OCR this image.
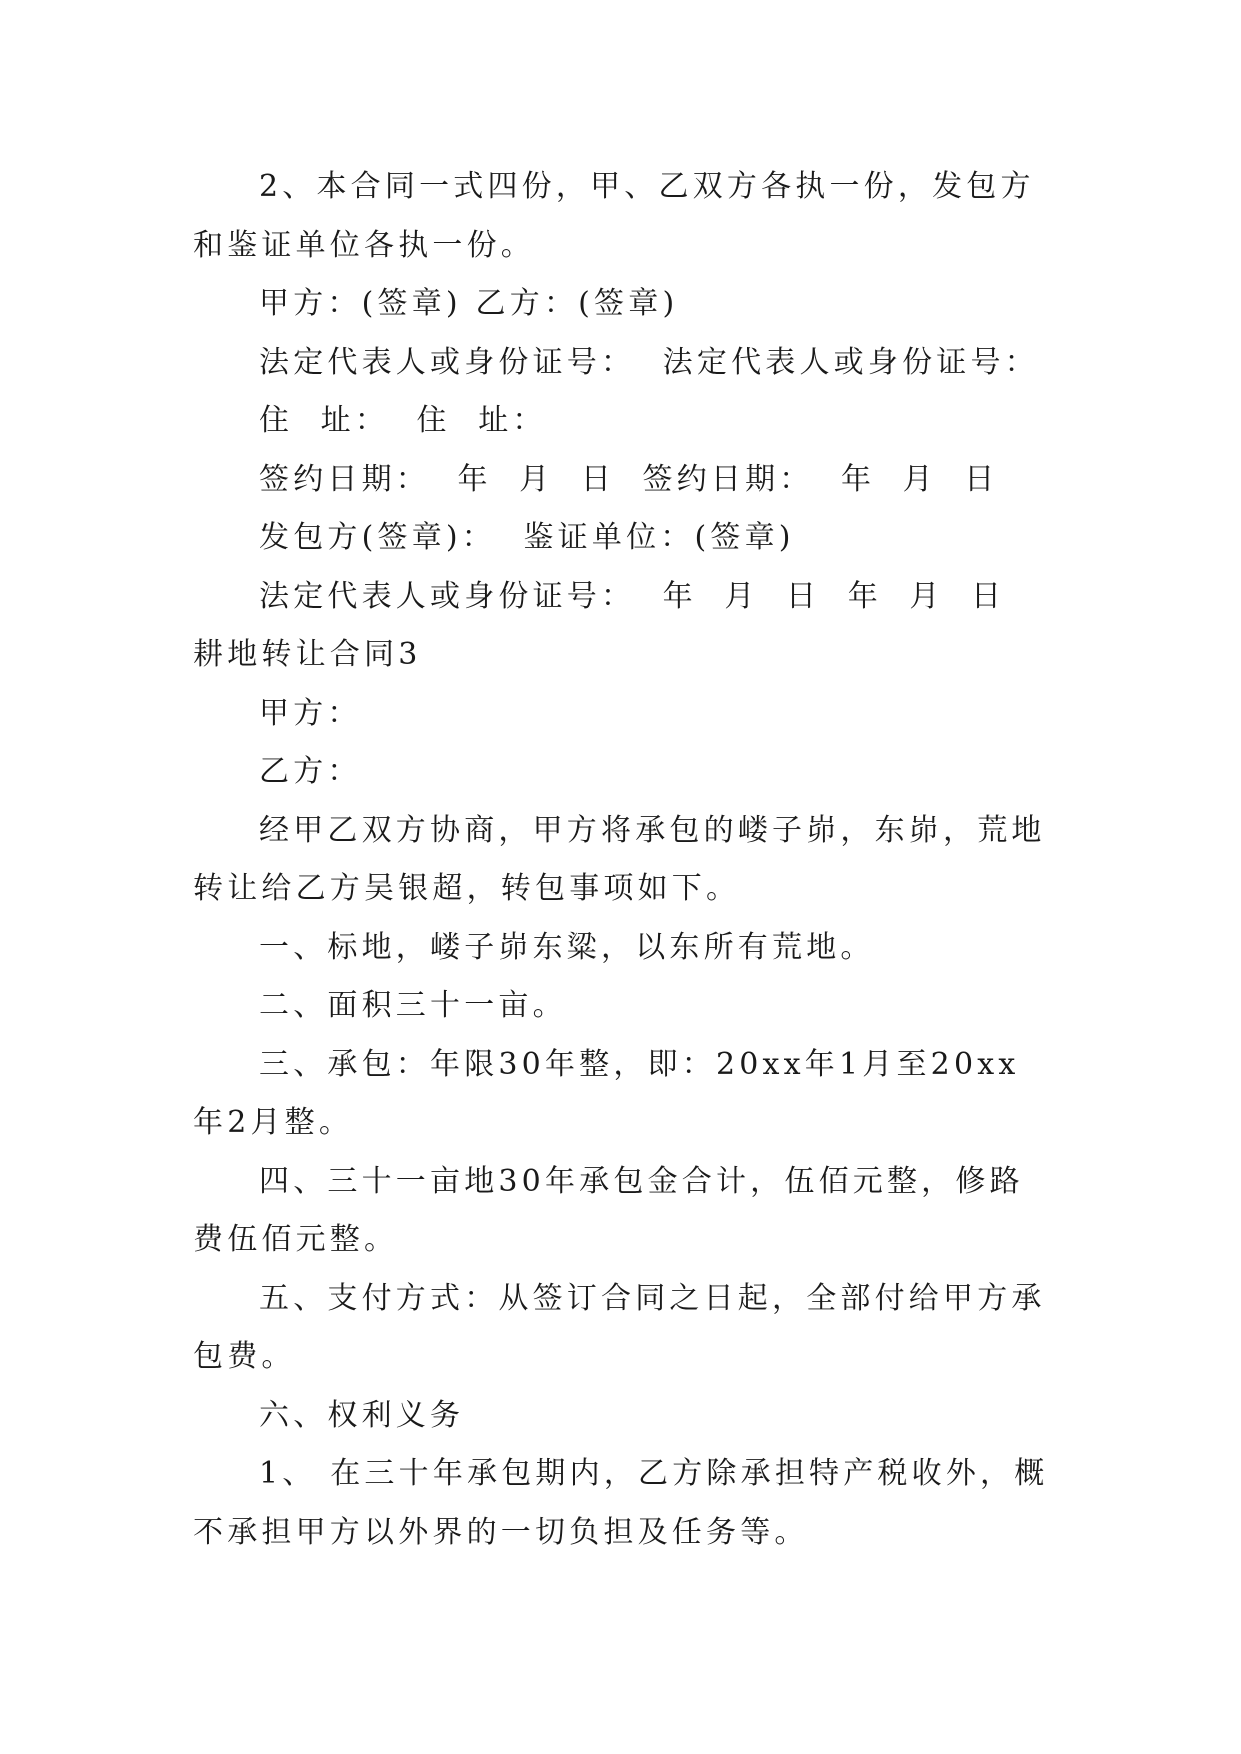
2、本合同一式四份，甲、乙双方各执一份，发包方和鉴证单位各执一份。

甲方：(签章) 乙方：(签章)

法定代表人或身份证号：  法定代表人或身份证号：

住  址：  住  址：

签约日期：  年  月  日  签约日期：  年  月  日

发包方(签章)：  鉴证单位：(签章)

法定代表人或身份证号：  年  月  日  年  月  日

耕地转让合同3

甲方：

乙方：

经甲乙双方协商，甲方将承包的嵝子峁，东峁，荒地转让给乙方吴银超，转包事项如下。

一、标地，嵝子峁东粱，以东所有荒地。

二、面积三十一亩。

三、承包：年限30年整，即：20xx年1月至20xx年2月整。

四、三十一亩地30年承包金合计，伍佰元整，修路费伍佰元整。

五、支付方式：从签订合同之日起，全部付给甲方承包费。

六、权利义务

1、 在三十年承包期内，乙方除承担特产税收外，概不承担甲方以外界的一切负担及任务等。
